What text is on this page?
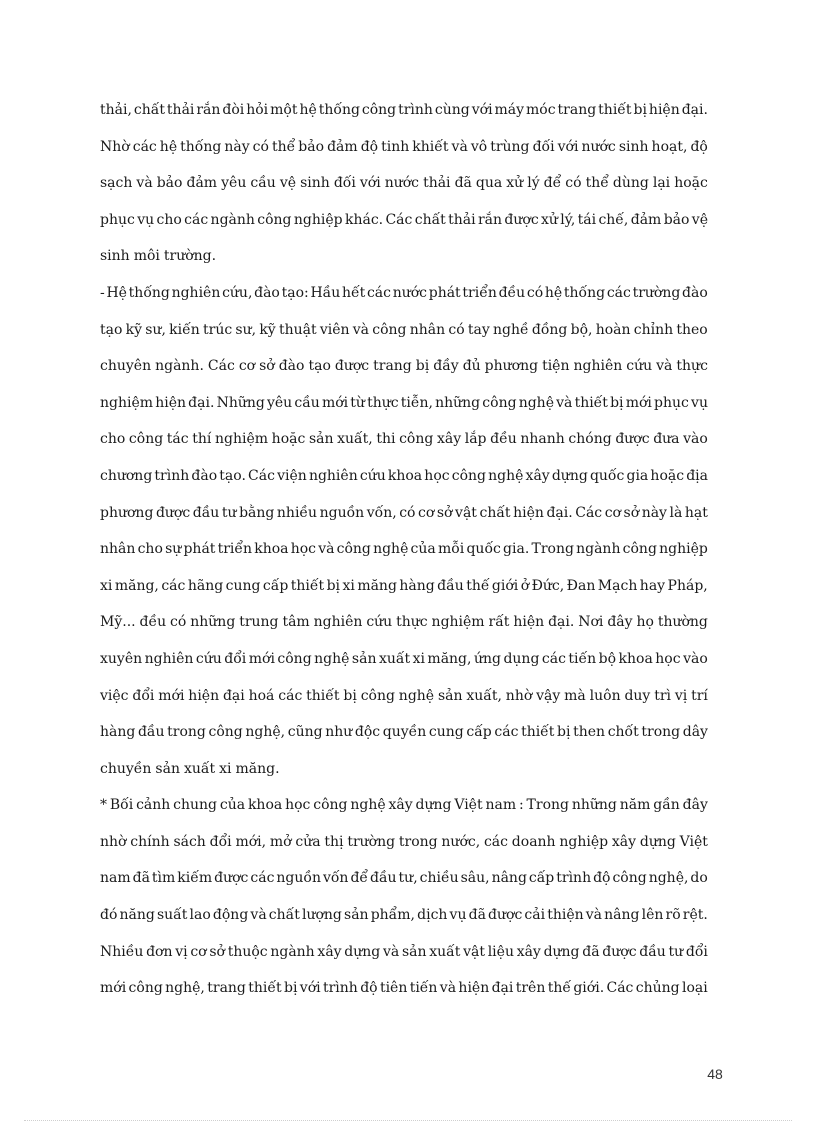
thải, chất thải rắn đòi hỏi một hệ thống công trình cùng với máy móc trang thiết bị hiện đại.
Nhờ các hệ thống này có thể bảo đảm độ tinh khiết và vô trùng đối với nước sinh hoạt, độ
sạch và bảo đảm yêu cầu vệ sinh đối với nước thải đã qua xử lý để có thể dùng lại hoặc
phục vụ cho các ngành công nghiệp khác. Các chất thải rắn được xử lý, tái chế, đảm bảo vệ
sinh môi trường.
- Hệ thống nghiên cứu, đào tạo: Hầu hết các nước phát triển đều có hệ thống các trường đào
tạo kỹ sư, kiến trúc sư, kỹ thuật viên và công nhân có tay nghề đồng bộ, hoàn chỉnh theo
chuyên ngành. Các cơ sở đào tạo được trang bị đầy đủ phương tiện nghiên cứu và thực
nghiệm hiện đại. Những yêu cầu mới từ thực tiễn, những công nghệ và thiết bị mới phục vụ
cho công tác thí nghiệm hoặc sản xuất, thi công xây lắp đều nhanh chóng được đưa vào
chương trình đào tạo. Các viện nghiên cứu khoa học công nghệ xây dựng quốc gia hoặc địa
phương được đầu tư bằng nhiều nguồn vốn, có cơ sở vật chất hiện đại. Các cơ sở này là hạt
nhân cho sự phát triển khoa học và công nghệ của mỗi quốc gia. Trong ngành công nghiệp
xi măng, các hãng cung cấp thiết bị xi măng hàng đầu thế giới ở Đức, Đan Mạch hay Pháp,
Mỹ... đều có những trung tâm nghiên cứu thực nghiệm rất hiện đại. Nơi đây họ thường
xuyên nghiên cứu đổi mới công nghệ sản xuất xi măng, ứng dụng các tiến bộ khoa học vào
việc đổi mới hiện đại hoá các thiết bị công nghệ sản xuất, nhờ vậy mà luôn duy trì vị trí
hàng đầu trong công nghệ, cũng như độc quyền cung cấp các thiết bị then chốt trong dây
chuyền sản xuất xi măng.
* Bối cảnh chung của khoa học công nghệ xây dựng Việt nam : Trong những năm gần đây
nhờ chính sách đổi mới, mở cửa thị trường trong nước, các doanh nghiệp xây dựng Việt
nam đã tìm kiếm được các nguồn vốn để đầu tư, chiều sâu, nâng cấp trình độ công nghệ, do
đó năng suất lao động và chất lượng sản phẩm, dịch vụ đã được cải thiện và nâng lên rõ rệt.
Nhiều đơn vị cơ sở thuộc ngành xây dựng và sản xuất vật liệu xây dựng đã được đầu tư đổi
mới công nghệ, trang thiết bị với trình độ tiên tiến và hiện đại trên thế giới. Các chủng loại
48
